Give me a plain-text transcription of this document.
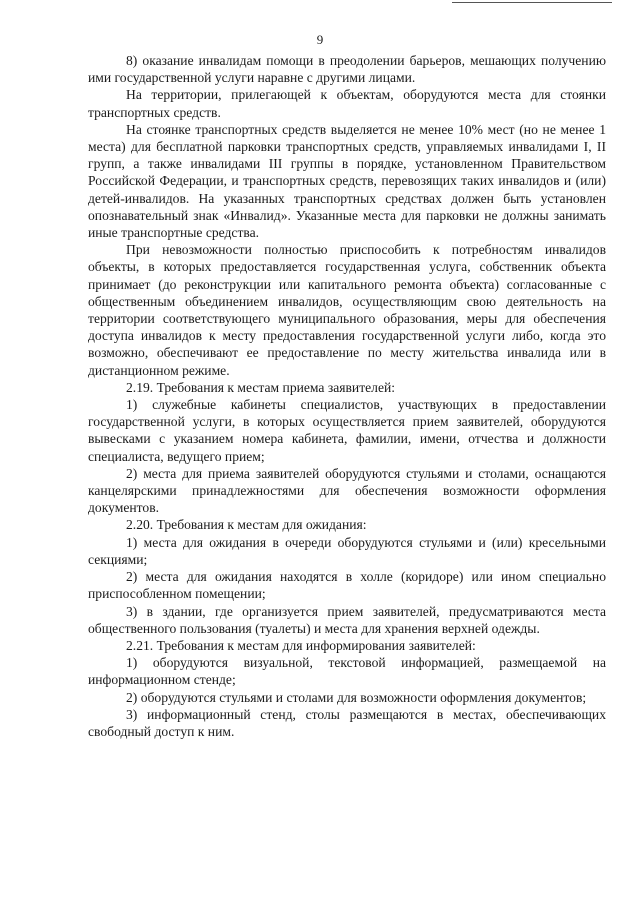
9

8) оказание инвалидам помощи в преодолении барьеров, мешающих получению ими государственной услуги наравне с другими лицами.

На территории, прилегающей к объектам, оборудуются места для стоянки транспортных средств.

На стоянке транспортных средств выделяется не менее 10% мест (но не менее 1 места) для бесплатной парковки транспортных средств, управляемых инвалидами I, II групп, а также инвалидами III группы в порядке, установленном Правительством Российской Федерации, и транспортных средств, перевозящих таких инвалидов и (или) детей-инвалидов. На указанных транспортных средствах должен быть установлен опознавательный знак «Инвалид». Указанные места для парковки не должны занимать иные транспортные средства.

При невозможности полностью приспособить к потребностям инвалидов объекты, в которых предоставляется государственная услуга, собственник объекта принимает (до реконструкции или капитального ремонта объекта) согласованные с общественным объединением инвалидов, осуществляющим свою деятельность на территории соответствующего муниципального образования, меры для обеспечения доступа инвалидов к месту предоставления государственной услуги либо, когда это возможно, обеспечивают ее предоставление по месту жительства инвалида или в дистанционном режиме.

2.19. Требования к местам приема заявителей:

1) служебные кабинеты специалистов, участвующих в предоставлении государственной услуги, в которых осуществляется прием заявителей, оборудуются вывесками с указанием номера кабинета, фамилии, имени, отчества и должности специалиста, ведущего прием;

2) места для приема заявителей оборудуются стульями и столами, оснащаются канцелярскими принадлежностями для обеспечения возможности оформления документов.

2.20. Требования к местам для ожидания:

1) места для ожидания в очереди оборудуются стульями и (или) кресельными секциями;

2) места для ожидания находятся в холле (коридоре) или ином специально приспособленном помещении;

3) в здании, где организуется прием заявителей, предусматриваются места общественного пользования (туалеты) и места для хранения верхней одежды.

2.21. Требования к местам для информирования заявителей:

1) оборудуются визуальной, текстовой информацией, размещаемой на информационном стенде;

2) оборудуются стульями и столами для возможности оформления документов;

3) информационный стенд, столы размещаются в местах, обеспечивающих свободный доступ к ним.
